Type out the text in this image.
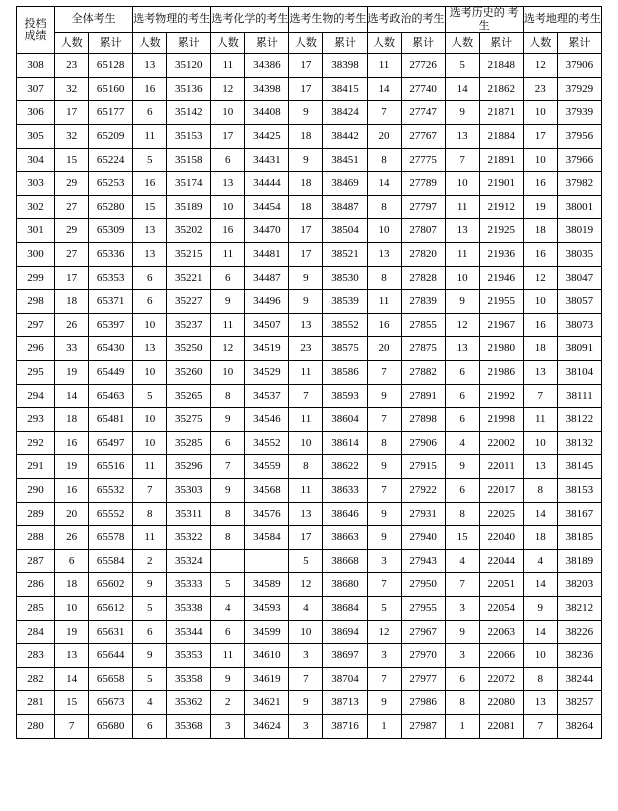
投档
成绩	全体考生		选考物理的考生		选考化学的考生		选考生物的考生		选考政治的考生		选考历史的 考生		选考地理的考生	
	人数	累计	人数	累计	人数	累计	人数	累计	人数	累计	人数	累计	人数	累计
308	23	65128	13	35120	11	34386	17	38398	11	27726	5	21848	12	37906
307	32	65160	16	35136	12	34398	17	38415	14	27740	14	21862	23	37929
306	17	65177	6	35142	10	34408	9	38424	7	27747	9	21871	10	37939
305	32	65209	11	35153	17	34425	18	38442	20	27767	13	21884	17	37956
304	15	65224	5	35158	6	34431	9	38451	8	27775	7	21891	10	37966
303	29	65253	16	35174	13	34444	18	38469	14	27789	10	21901	16	37982
302	27	65280	15	35189	10	34454	18	38487	8	27797	11	21912	19	38001
301	29	65309	13	35202	16	34470	17	38504	10	27807	13	21925	18	38019
300	27	65336	13	35215	11	34481	17	38521	13	27820	11	21936	16	38035
299	17	65353	6	35221	6	34487	9	38530	8	27828	10	21946	12	38047
298	18	65371	6	35227	9	34496	9	38539	11	27839	9	21955	10	38057
297	26	65397	10	35237	11	34507	13	38552	16	27855	12	21967	16	38073
296	33	65430	13	35250	12	34519	23	38575	20	27875	13	21980	18	38091
295	19	65449	10	35260	10	34529	11	38586	7	27882	6	21986	13	38104
294	14	65463	5	35265	8	34537	7	38593	9	27891	6	21992	7	38111
293	18	65481	10	35275	9	34546	11	38604	7	27898	6	21998	11	38122
292	16	65497	10	35285	6	34552	10	38614	8	27906	4	22002	10	38132
291	19	65516	11	35296	7	34559	8	38622	9	27915	9	22011	13	38145
290	16	65532	7	35303	9	34568	11	38633	7	27922	6	22017	8	38153
289	20	65552	8	35311	8	34576	13	38646	9	27931	8	22025	14	38167
288	26	65578	11	35322	8	34584	17	38663	9	27940	15	22040	18	38185
287	6	65584	2	35324			5	38668	3	27943	4	22044	4	38189
286	18	65602	9	35333	5	34589	12	38680	7	27950	7	22051	14	38203
285	10	65612	5	35338	4	34593	4	38684	5	27955	3	22054	9	38212
284	19	65631	6	35344	6	34599	10	38694	12	27967	9	22063	14	38226
283	13	65644	9	35353	11	34610	3	38697	3	27970	3	22066	10	38236
282	14	65658	5	35358	9	34619	7	38704	7	27977	6	22072	8	38244
281	15	65673	4	35362	2	34621	9	38713	9	27986	8	22080	13	38257
280	7	65680	6	35368	3	34624	3	38716	1	27987	1	22081	7	38264
